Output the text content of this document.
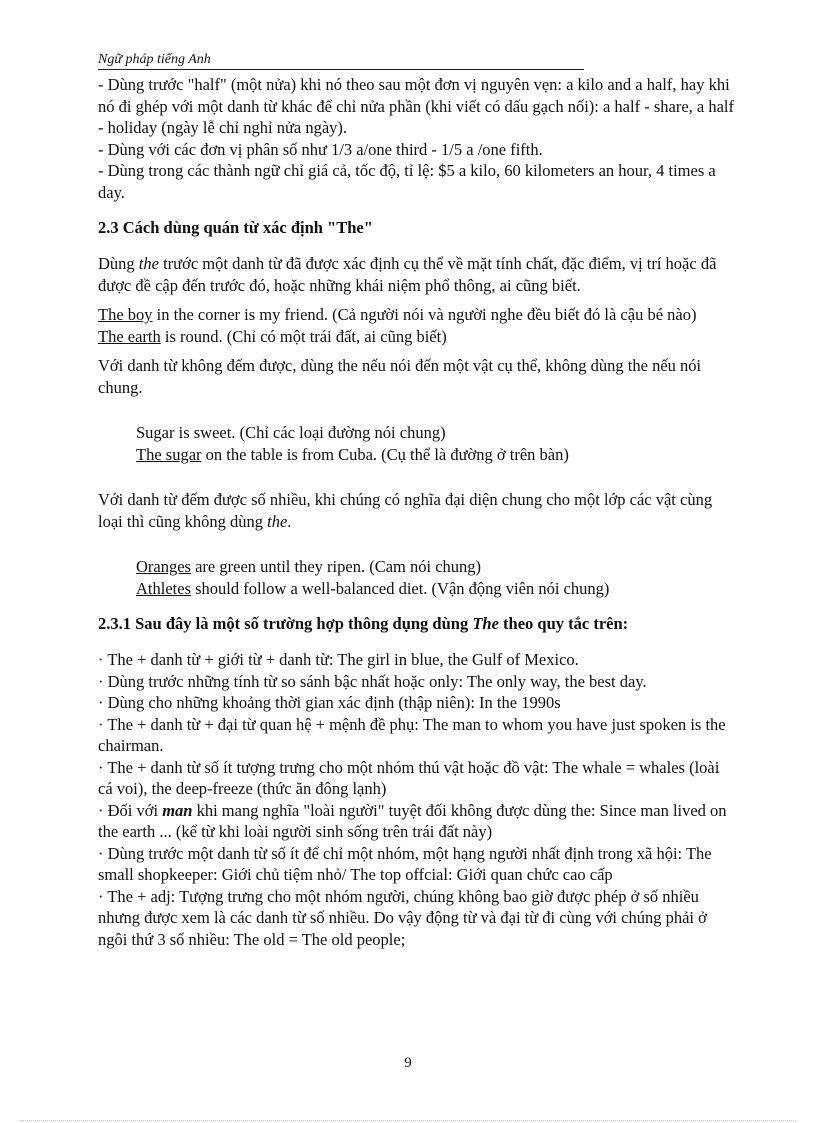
Ngữ pháp tiếng Anh

- Dùng trước "half" (một nửa) khi nó theo sau một đơn vị nguyên vẹn: a kilo and a half, hay khi nó đi ghép với một danh từ khác để chỉ nửa phần (khi viết có dấu gạch nối): a half - share, a half - holiday (ngày lễ chỉ nghỉ nửa ngày).

- Dùng với các đơn vị phân số như 1/3 a/one third - 1/5 a /one fifth.

- Dùng trong các thành ngữ chỉ giá cả, tốc độ, tỉ lệ: $5 a kilo, 60 kilometers an hour, 4 times a day.

2.3 Cách dùng quán từ xác định "The"

Dùng the trước một danh từ đã được xác định cụ thể về mặt tính chất, đặc điểm, vị trí hoặc đã được đề cập đến trước đó, hoặc những khái niệm phổ thông, ai cũng biết.

The boy in the corner is my friend. (Cả người nói và người nghe đều biết đó là cậu bé nào)

The earth is round. (Chỉ có một trái đất, ai cũng biết)

Với danh từ không đếm được, dùng the nếu nói đến một vật cụ thể, không dùng the nếu nói chung.

Sugar is sweet. (Chỉ các loại đường nói chung)

The sugar on the table is from Cuba. (Cụ thể là đường ở trên bàn)

Với danh từ đếm được số nhiều, khi chúng có nghĩa đại diện chung cho một lớp các vật cùng loại thì cũng không dùng the.

Oranges are green until they ripen. (Cam nói chung)

Athletes should follow a well-balanced diet. (Vận động viên nói chung)

2.3.1 Sau đây là một số trường hợp thông dụng dùng The theo quy tắc trên:

· The + danh từ + giới từ + danh từ: The girl in blue, the Gulf of Mexico.

· Dùng trước những tính từ so sánh bậc nhất hoặc only: The only way, the best day.

· Dùng cho những khoảng thời gian xác định (thập niên): In the 1990s

· The + danh từ + đại từ quan hệ + mệnh đề phụ: The man to whom you have just spoken is the chairman.

· The + danh từ số ít tượng trưng cho một nhóm thú vật hoặc đồ vật: The whale = whales (loài cá voi), the deep-freeze (thức ăn đông lạnh)

· Đối với man khi mang nghĩa "loài người" tuyệt đối không được dùng the: Since man lived on the earth ... (kể từ khi loài người sinh sống trên trái đất này)

· Dùng trước một danh từ số ít để chỉ một nhóm, một hạng người nhất định trong xã hội: The small shopkeeper: Giới chủ tiệm nhỏ/ The top offcial: Giới quan chức cao cấp

· The + adj: Tượng trưng cho một nhóm người, chúng không bao giờ được phép ở số nhiều nhưng được xem là các danh từ số nhiều. Do vậy động từ và đại từ đi cùng với chúng phải ở ngôi thứ 3 số nhiều: The old = The old people;

9
